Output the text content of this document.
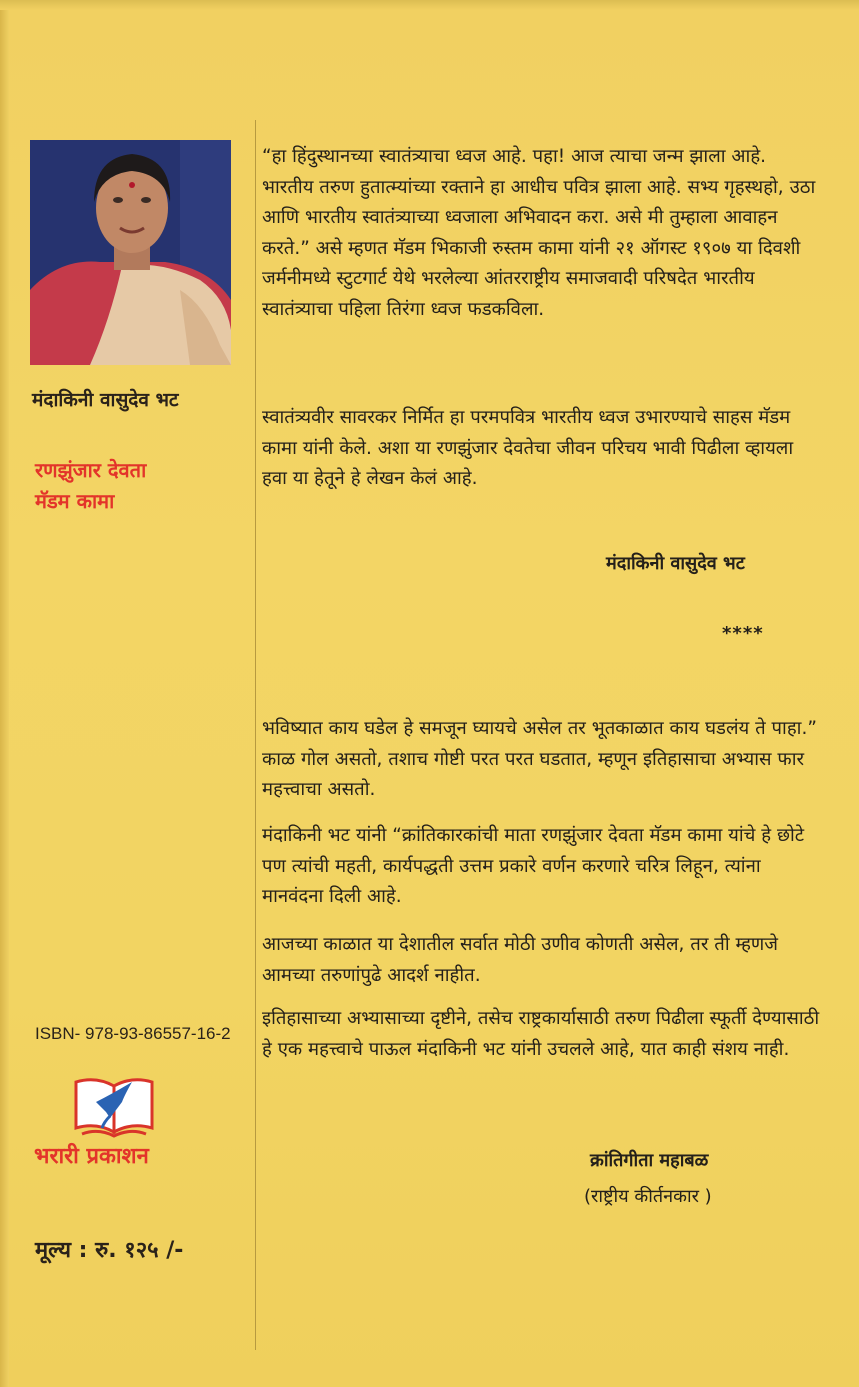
मंदाकिनी वासुदेव भट
रणझुंजार देवता
मॅडम कामा
ISBN- 978-93-86557-16-2
भरारी प्रकाशन
मूल्य : रु. १२५ /-

“हा हिंदुस्थानच्या स्वातंत्र्याचा ध्वज आहे. पहा! आज त्याचा जन्म झाला आहे. भारतीय तरुण हुतात्म्यांच्या रक्ताने हा आधीच पवित्र झाला आहे. सभ्य गृहस्थहो, उठा आणि भारतीय स्वातंत्र्याच्या ध्वजाला अभिवादन करा. असे मी तुम्हाला आवाहन करते.” असे म्हणत मॅडम भिकाजी रुस्तम कामा यांनी २१ ऑगस्ट १९०७ या दिवशी जर्मनीमध्ये स्टुटगार्ट येथे भरलेल्या आंतरराष्ट्रीय समाजवादी परिषदेत भारतीय स्वातंत्र्याचा पहिला तिरंगा ध्वज फडकविला.

स्वातंत्र्यवीर सावरकर निर्मित हा परमपवित्र भारतीय ध्वज उभारण्याचे साहस मॅडम कामा यांनी केले. अशा या रणझुंजार देवतेचा जीवन परिचय भावी पिढीला व्हायला हवा या हेतूने हे लेखन केलं आहे.

मंदाकिनी वासुदेव भट
****

भविष्यात काय घडेल हे समजून घ्यायचे असेल तर भूतकाळात काय घडलंय ते पाहा.” काळ गोल असतो, तशाच गोष्टी परत परत घडतात, म्हणून इतिहासाचा अभ्यास फार महत्त्वाचा असतो.

मंदाकिनी भट यांनी “क्रांतिकारकांची माता रणझुंजार देवता मॅडम कामा यांचे हे छोटे पण त्यांची महती, कार्यपद्धती उत्तम प्रकारे वर्णन करणारे चरित्र लिहून, त्यांना मानवंदना दिली आहे.

आजच्या काळात या देशातील सर्वात मोठी उणीव कोणती असेल, तर ती म्हणजे आमच्या तरुणांपुढे आदर्श नाहीत.

इतिहासाच्या अभ्यासाच्या दृष्टीने, तसेच राष्ट्रकार्यासाठी तरुण पिढीला स्फूर्ती देण्यासाठी हे एक महत्त्वाचे पाऊल मंदाकिनी भट यांनी उचलले आहे, यात काही संशय नाही.

क्रांतिगीता महाबळ
(राष्ट्रीय कीर्तनकार )
